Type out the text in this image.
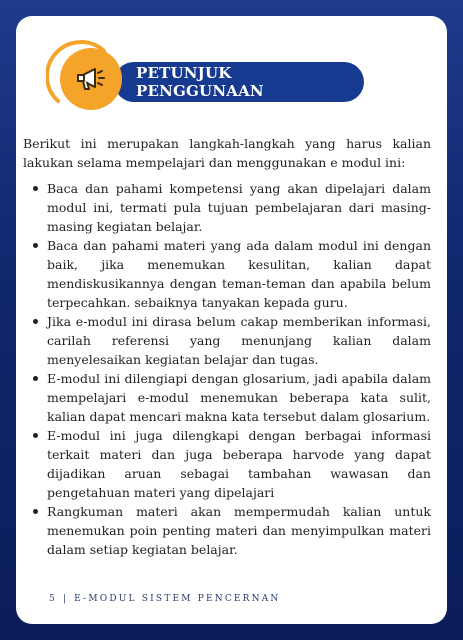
PETUNJUK PENGGUNAAN

Berikut ini merupakan langkah-langkah yang harus kalian lakukan selama mempelajari dan menggunakan e modul ini:

Baca dan pahami kompetensi yang akan dipelajari dalam modul ini, termati pula tujuan pembelajaran dari masing-masing kegiatan belajar.
Baca dan pahami materi yang ada dalam modul ini dengan baik, jika menemukan kesulitan, kalian dapat mendiskusikannya dengan teman-teman dan apabila belum terpecahkan. sebaiknya tanyakan kepada guru.
Jika e-modul ini dirasa belum cakap memberikan informasi, carilah referensi yang menunjang kalian dalam menyelesaikan kegiatan belajar dan tugas.
E-modul ini dilengiapi dengan glosarium, jadi apabila dalam mempelajari e-modul menemukan beberapa kata sulit, kalian dapat mencari makna kata tersebut dalam glosarium.
E-modul ini juga dilengkapi dengan berbagai informasi terkait materi dan juga beberapa harvode yang dapat dijadikan aruan sebagai tambahan wawasan dan pengetahuan materi yang dipelajari
Rangkuman materi akan mempermudah kalian untuk menemukan poin penting materi dan menyimpulkan materi dalam setiap kegiatan belajar.
5 | E-MODUL SISTEM PENCERNAN
